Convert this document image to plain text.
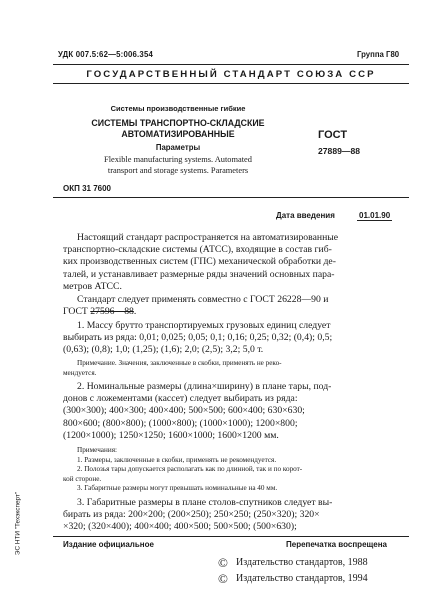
УДК 007.5:62—5:006.354	Группа Г80
ГОСУДАРСТВЕННЫЙ СТАНДАРТ СОЮЗА ССР
Системы производственные гибкие
СИСТЕМЫ ТРАНСПОРТНО-СКЛАДСКИЕ
АВТОМАТИЗИРОВАННЫЕ
Параметры
Flexible manufacturing systems. Automated
transport and storage systems. Parameters
ГОСТ
27889—88
ОКП 31 7600
Дата введения	01.01.90
Настоящий стандарт распространяется на автоматизированные
транспортно-складские системы (АТСС), входящие в состав гиб-
ких производственных систем (ГПС) механической обработки де-
талей, и устанавливает размерные ряды значений основных пара-
метров АТСС.
Стандарт следует применять совместно с ГОСТ 26228—90 и
ГОСТ 27596—88.
1. Массу брутто транспортируемых грузовых единиц следует
выбирать из ряда: 0,01; 0,025; 0,05; 0,1; 0,16; 0,25; 0,32; (0,4); 0,5;
(0,63); (0,8); 1,0; (1,25); (1,6); 2,0; (2,5); 3,2; 5,0 т.
Примечание. Значения, заключенные в скобки, применять не реко-
мендуется.
2. Номинальные размеры (длина×ширину) в плане тары, под-
донов с ложементами (кассет) следует выбирать из ряда:
(300×300); 400×300; 400×400; 500×500; 600×400; 630×630;
800×600; (800×800); (1000×800); (1000×1000); 1200×800;
(1200×1000); 1250×1250; 1600×1000; 1600×1200 мм.
Примечания:
1. Размеры, заключенные в скобки, применять не рекомендуется.
2. Полозья тары допускается располагать как по длинной, так и по корот-
кой стороне.
3. Габаритные размеры могут превышать номинальные на 40 мм.
3. Габаритные размеры в плане столов-спутников следует вы-
бирать из ряда: 200×200; (200×250); 250×250; (250×320); 320×
×320; (320×400); 400×400; 400×500; 500×500; (500×630);
Издание официальное	Перепечатка воспрещена
© Издательство стандартов, 1988
© Издательство стандартов, 1994
ЭС НТИ "Техэксперт"
